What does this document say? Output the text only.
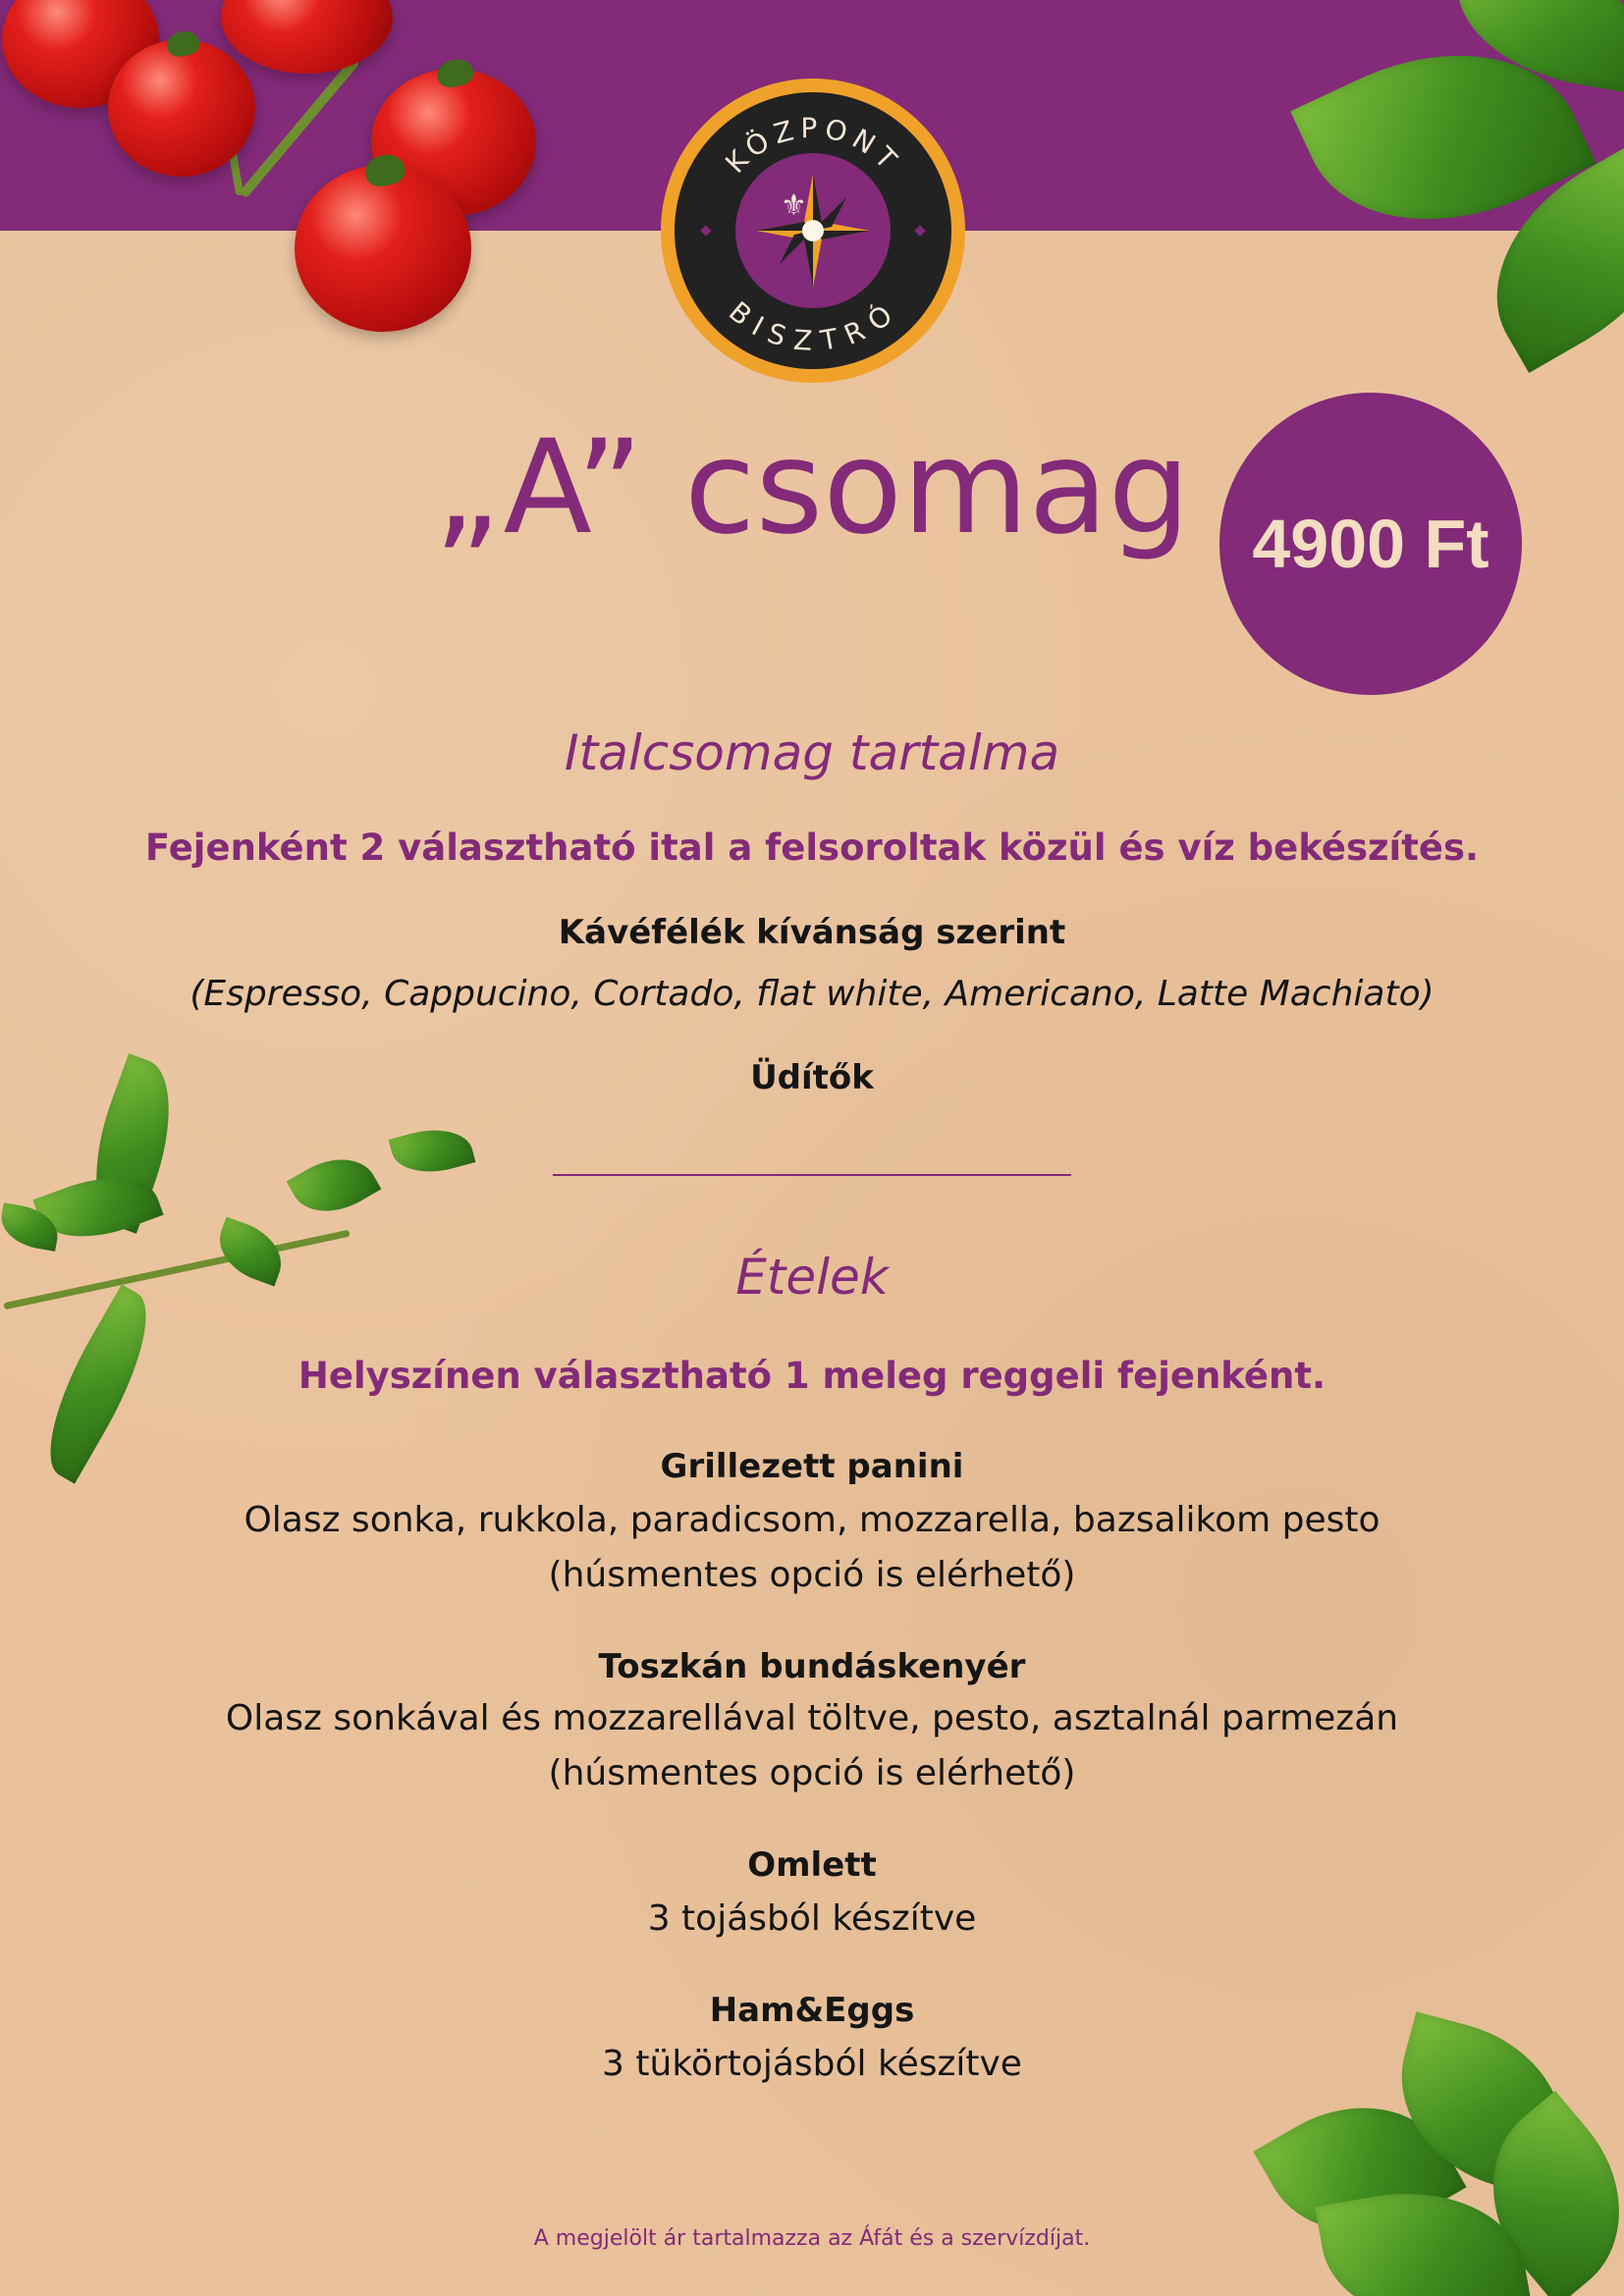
KÖZPONT
BISZTRÓ
⚜
„A” csomag 4900 Ft
Italcsomag tartalma
Fejenként 2 választható ital a felsoroltak közül és víz bekészítés.
Kávéfélék kívánság szerint
(Espresso, Cappucino, Cortado, flat white, Americano, Latte Machiato)
Üdítők
Ételek
Helyszínen választható 1 meleg reggeli fejenként.
Grillezett panini
Olasz sonka, rukkola, paradicsom, mozzarella, bazsalikom pesto
(húsmentes opció is elérhető)
Toszkán bundáskenyér
Olasz sonkával és mozzarellával töltve, pesto, asztalnál parmezán
(húsmentes opció is elérhető)
Omlett
3 tojásból készítve
Ham&Eggs
3 tükörtojásból készítve
A megjelölt ár tartalmazza az Áfát és a szervízdíjat.
